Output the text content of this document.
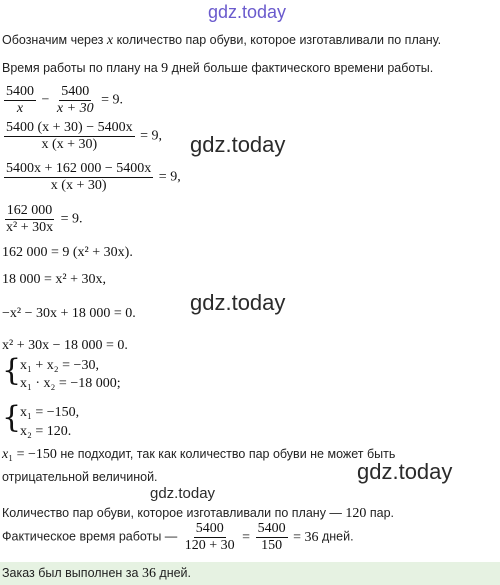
gdz.today
gdz.today
gdz.today
gdz.today
gdz.today
Обозначим через x количество пар обуви, которое изготавливали по плану.
Время работы по плану на 9 дней больше фактического времени работы.
$\frac{5400}{x} - \frac{5400}{x + 30} = 9$.
$\frac{5400 (x + 30) - 5400x}{x (x + 30)} = 9$,
$\frac{5400x + 162 000 - 5400x}{x (x + 30)} = 9$,
$\frac{162 000}{\text{x² + 30x}} = 9$.
162 000 = 9 (x² + 30x).
18 000 = x² + 30x,
−x² − 30x + 18 000 = 0.
x² + 30x − 18 000 = 0.
{
x₁ + x₂ = −30,
x₁ · x₂ = −18 000;
{
x₁ = −150,
x₂ = 120.
x₁ = −150 не подходит, так как количество пар обуви не может быть
отрицательной величиной.
Количество пар обуви, которое изготавливали по плану — 120 пар.
Фактическое время работы — $\frac{5400}{120 + 30} = \frac{5400}{150} = 36$ дней.
Заказ был выполнен за 36 дней.
